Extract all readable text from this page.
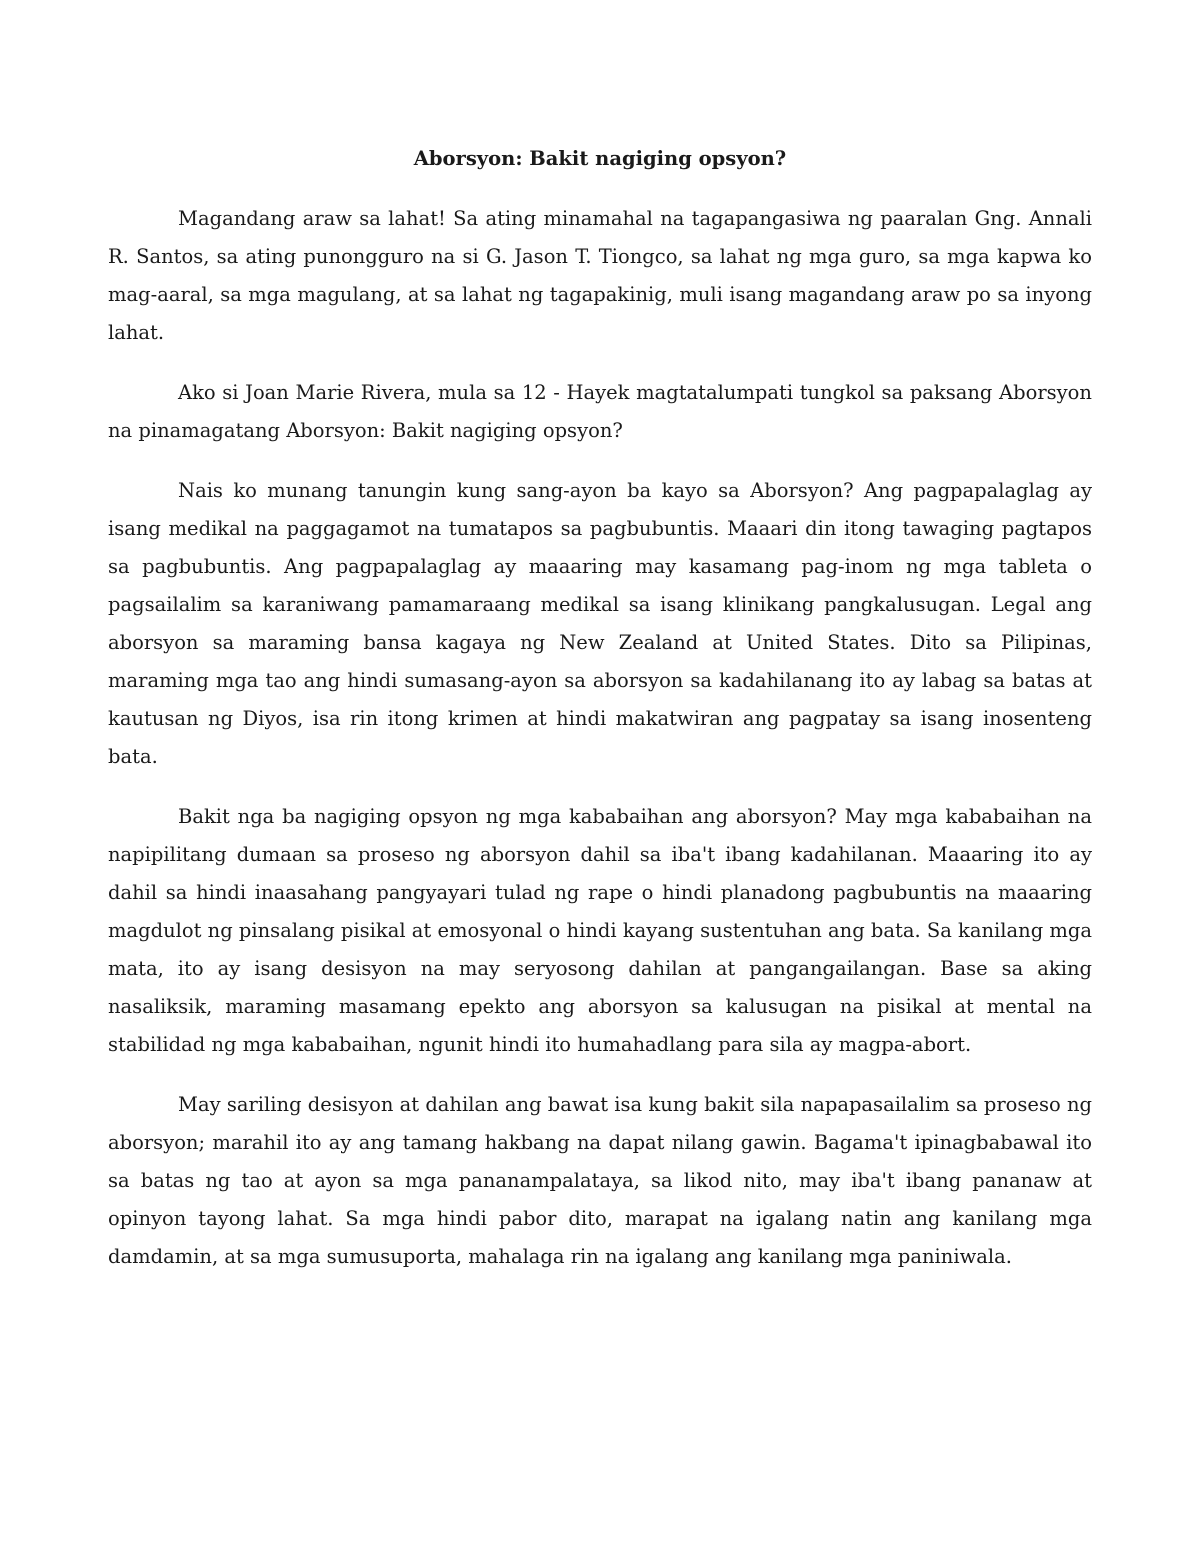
Aborsyon: Bakit nagiging opsyon?

Magandang araw sa lahat! Sa ating minamahal na tagapangasiwa ng paaralan Gng. Annali R. Santos, sa ating punongguro na si G. Jason T. Tiongco, sa lahat ng mga guro, sa mga kapwa ko mag-aaral, sa mga magulang, at sa lahat ng tagapakinig, muli isang magandang araw po sa inyong lahat.

Ako si Joan Marie Rivera, mula sa 12 - Hayek magtatalumpati tungkol sa paksang Aborsyon na pinamagatang Aborsyon: Bakit nagiging opsyon?

Nais ko munang tanungin kung sang-ayon ba kayo sa Aborsyon? Ang pagpapalaglag ay isang medikal na paggagamot na tumatapos sa pagbubuntis. Maaari din itong tawaging pagtapos sa pagbubuntis. Ang pagpapalaglag ay maaaring may kasamang pag-inom ng mga tableta o pagsailalim sa karaniwang pamamaraang medikal sa isang klinikang pangkalusugan. Legal ang aborsyon sa maraming bansa kagaya ng New Zealand at United States. Dito sa Pilipinas, maraming mga tao ang hindi sumasang-ayon sa aborsyon sa kadahilanang ito ay labag sa batas at kautusan ng Diyos, isa rin itong krimen at hindi makatwiran ang pagpatay sa isang inosenteng bata.

Bakit nga ba nagiging opsyon ng mga kababaihan ang aborsyon? May mga kababaihan na napipilitang dumaan sa proseso ng aborsyon dahil sa iba't ibang kadahilanan. Maaaring ito ay dahil sa hindi inaasahang pangyayari tulad ng rape o hindi planadong pagbubuntis na maaaring magdulot ng pinsalang pisikal at emosyonal o hindi kayang sustentuhan ang bata. Sa kanilang mga mata, ito ay isang desisyon na may seryosong dahilan at pangangailangan. Base sa aking nasaliksik, maraming masamang epekto ang aborsyon sa kalusugan na pisikal at mental na stabilidad ng mga kababaihan, ngunit hindi ito humahadlang para sila ay magpa-abort.

May sariling desisyon at dahilan ang bawat isa kung bakit sila napapasailalim sa proseso ng aborsyon; marahil ito ay ang tamang hakbang na dapat nilang gawin. Bagama't ipinagbabawal ito sa batas ng tao at ayon sa mga pananampalataya, sa likod nito, may iba't ibang pananaw at opinyon tayong lahat. Sa mga hindi pabor dito, marapat na igalang natin ang kanilang mga damdamin, at sa mga sumusuporta, mahalaga rin na igalang ang kanilang mga paniniwala.
